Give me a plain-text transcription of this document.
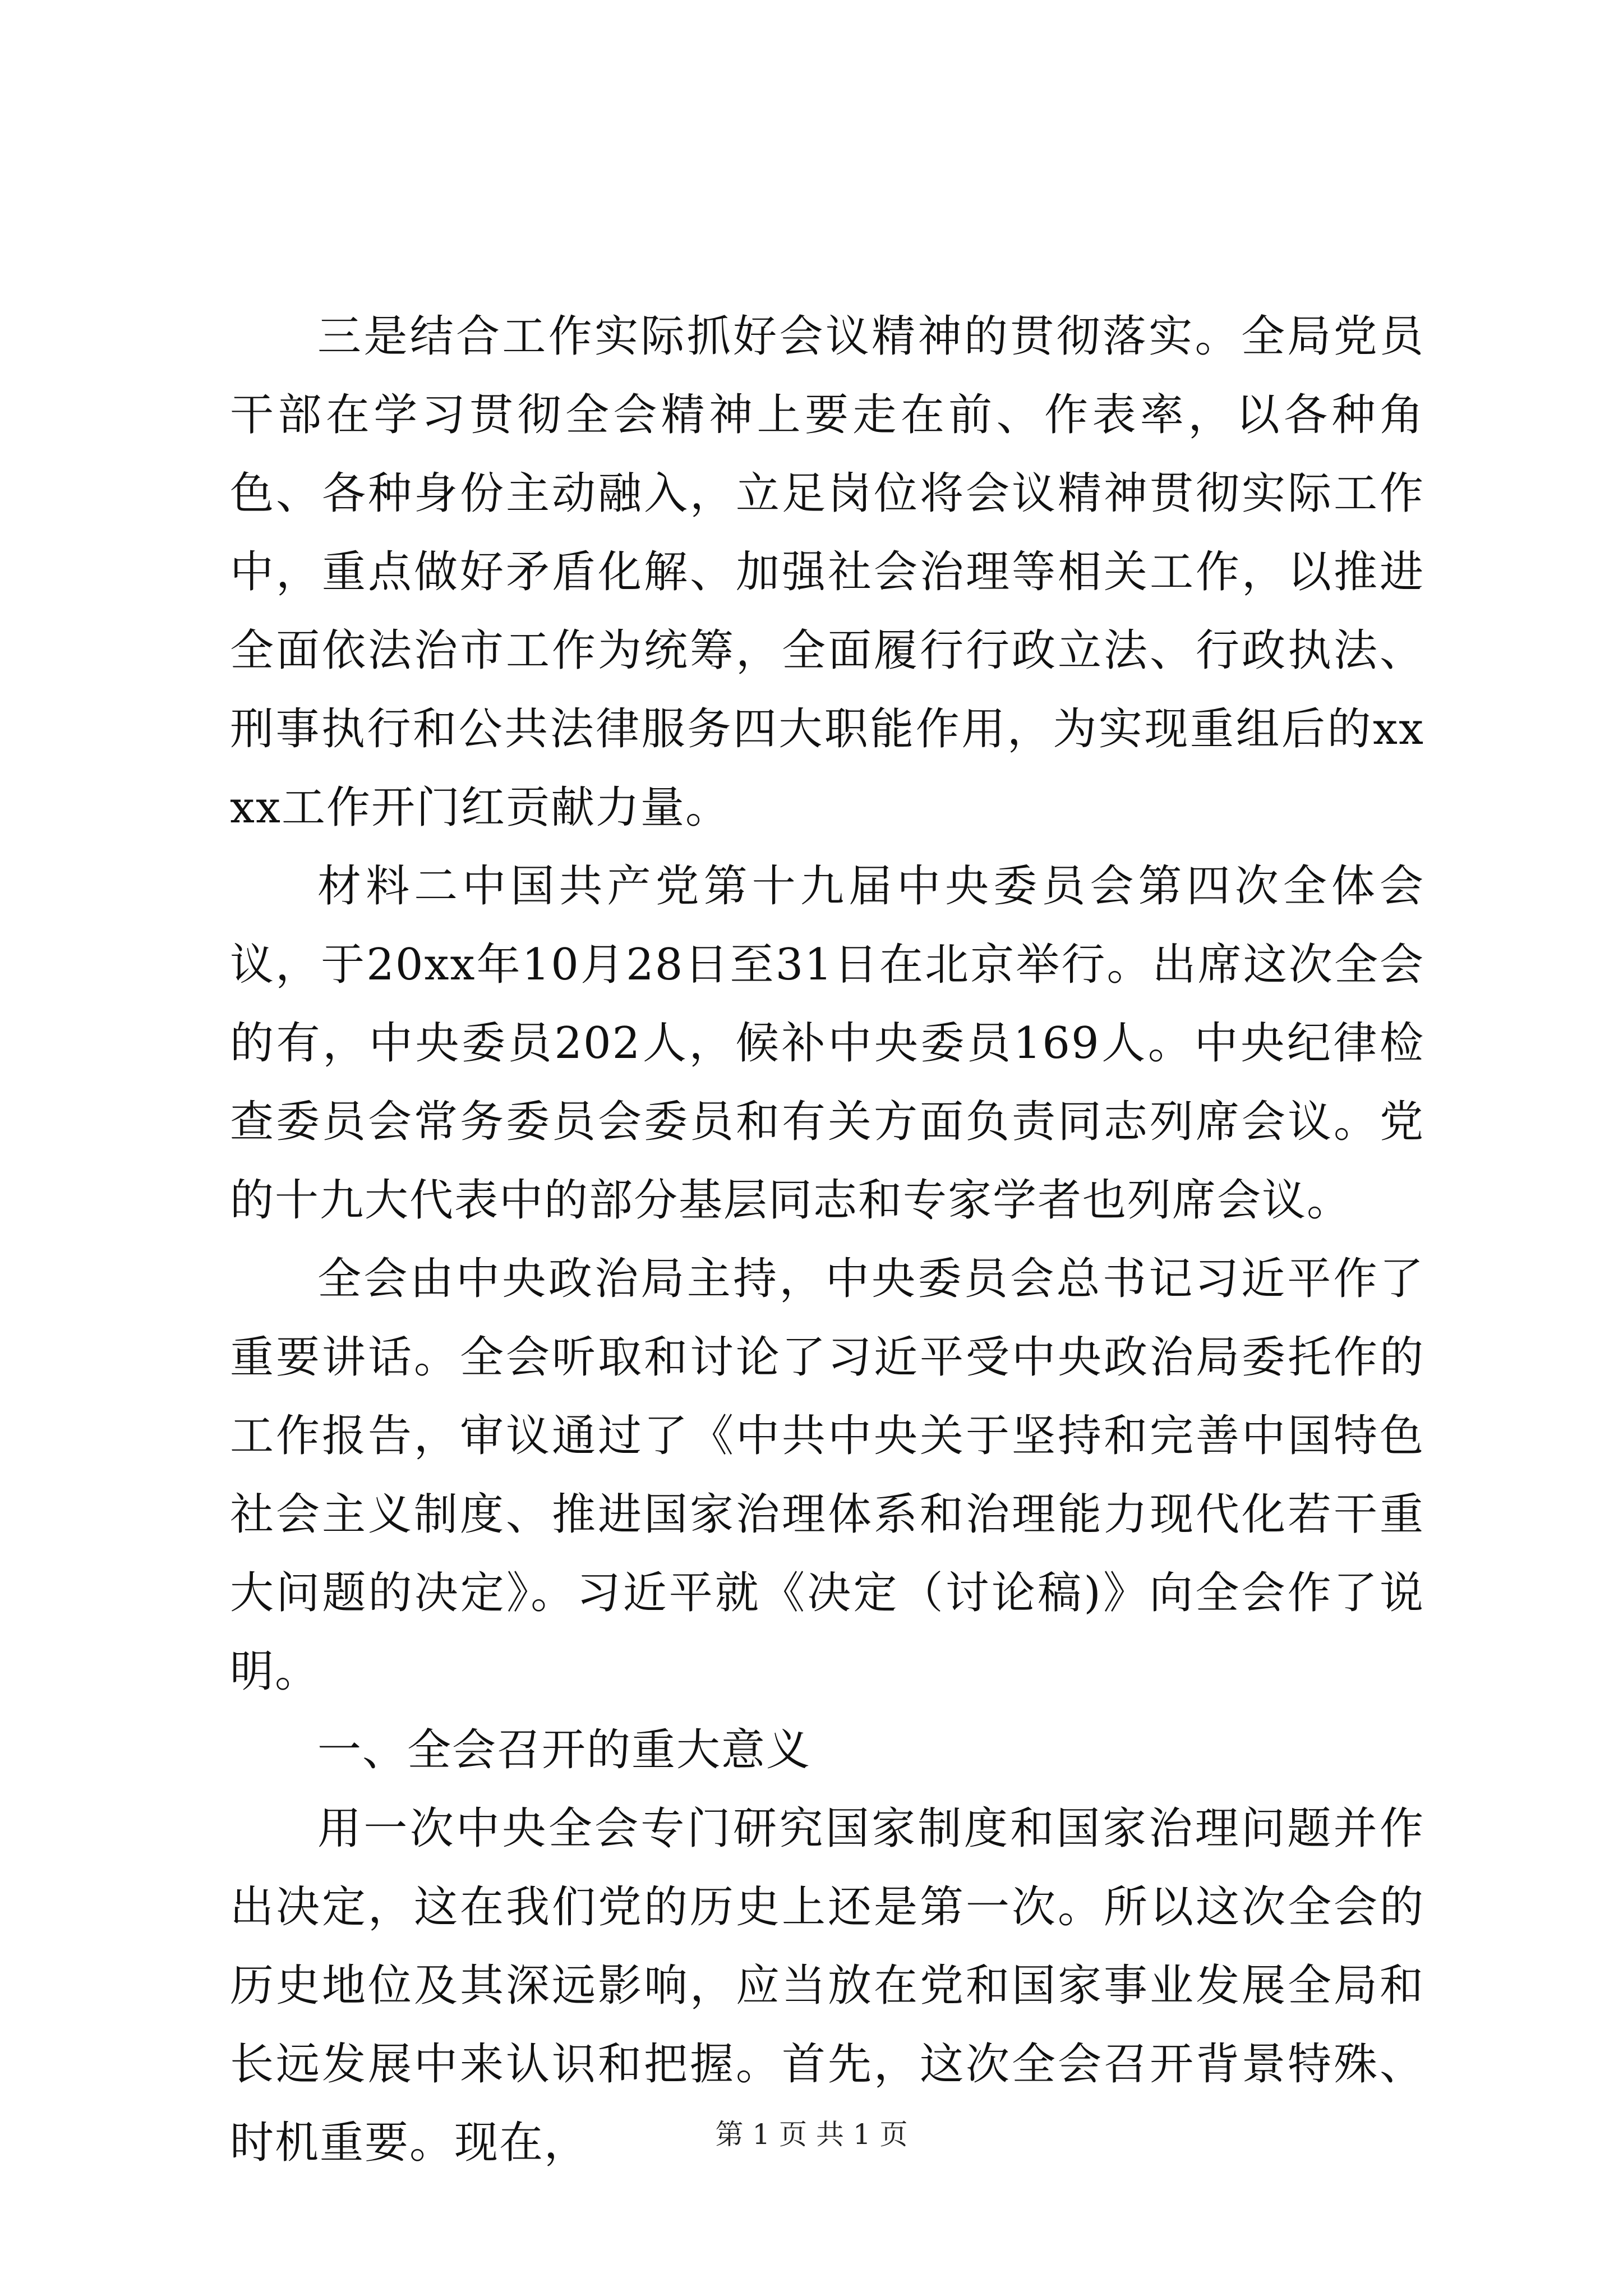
三是结合工作实际抓好会议精神的贯彻落实。全局党员干部在学习贯彻全会精神上要走在前、作表率，以各种角色、各种身份主动融入，立足岗位将会议精神贯彻实际工作中，重点做好矛盾化解、加强社会治理等相关工作，以推进全面依法治市工作为统筹，全面履行行政立法、行政执法、刑事执行和公共法律服务四大职能作用，为实现重组后的xxxx工作开门红贡献力量。

材料二中国共产党第十九届中央委员会第四次全体会议，于20xx年10月28日至31日在北京举行。出席这次全会的有，中央委员202人，候补中央委员169人。中央纪律检查委员会常务委员会委员和有关方面负责同志列席会议。党的十九大代表中的部分基层同志和专家学者也列席会议。

全会由中央政治局主持，中央委员会总书记习近平作了重要讲话。全会听取和讨论了习近平受中央政治局委托作的工作报告，审议通过了《中共中央关于坚持和完善中国特色社会主义制度、推进国家治理体系和治理能力现代化若干重大问题的决定》。习近平就《决定（讨论稿)》向全会作了说明。

一、全会召开的重大意义

用一次中央全会专门研究国家制度和国家治理问题并作出决定，这在我们党的历史上还是第一次。所以这次全会的历史地位及其深远影响，应当放在党和国家事业发展全局和长远发展中来认识和把握。首先，这次全会召开背景特殊、时机重要。现在，	第 1 页 共 1 页
